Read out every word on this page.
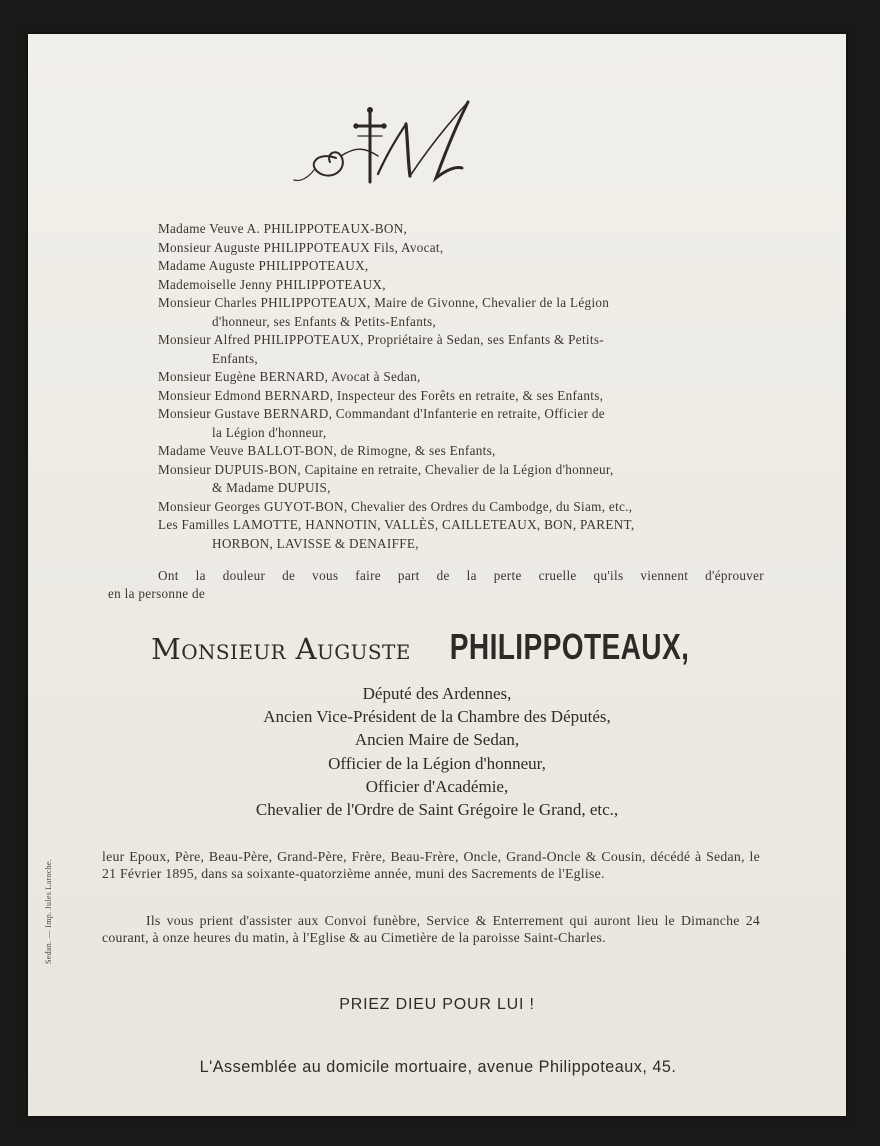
Madame Veuve A. PHILIPPOTEAUX-BON,
Monsieur Auguste PHILIPPOTEAUX Fils, Avocat,
Madame Auguste PHILIPPOTEAUX,
Mademoiselle Jenny PHILIPPOTEAUX,
Monsieur Charles PHILIPPOTEAUX, Maire de Givonne, Chevalier de la Légion
d'honneur, ses Enfants & Petits-Enfants,
Monsieur Alfred PHILIPPOTEAUX, Propriétaire à Sedan, ses Enfants & Petits-
Enfants,
Monsieur Eugène BERNARD, Avocat à Sedan,
Monsieur Edmond BERNARD, Inspecteur des Forêts en retraite, & ses Enfants,
Monsieur Gustave BERNARD, Commandant d'Infanterie en retraite, Officier de
la Légion d'honneur,
Madame Veuve BALLOT-BON, de Rimogne, & ses Enfants,
Monsieur DUPUIS-BON, Capitaine en retraite, Chevalier de la Légion d'honneur,
& Madame DUPUIS,
Monsieur Georges GUYOT-BON, Chevalier des Ordres du Cambodge, du Siam, etc.,
Les Familles LAMOTTE, HANNOTIN, VALLÈS, CAILLETEAUX, BON, PARENT,
HORBON, LAVISSE & DENAIFFE,
Ont la douleur de vous faire part de la perte cruelle qu'ils viennent d'éprouver
en la personne de
Monsieur Auguste PHILIPPOTEAUX,
Député des Ardennes,
Ancien Vice-Président de la Chambre des Députés,
Ancien Maire de Sedan,
Officier de la Légion d'honneur,
Officier d'Académie,
Chevalier de l'Ordre de Saint Grégoire le Grand, etc.,
leur Epoux, Père, Beau-Père, Grand-Père, Frère, Beau-Frère, Oncle, Grand-Oncle & Cousin, décédé à Sedan, le 21 Février 1895, dans sa soixante-quatorzième année, muni des Sacrements de l'Eglise.
Ils vous prient d'assister aux Convoi funèbre, Service & Enterrement qui auront lieu le Dimanche 24 courant, à onze heures du matin, à l'Eglise & au Cimetière de la paroisse Saint-Charles.
PRIEZ DIEU POUR LUI !
L'Assemblée au domicile mortuaire, avenue Philippoteaux, 45.
Sedan. — Imp. Jules Laroche.
